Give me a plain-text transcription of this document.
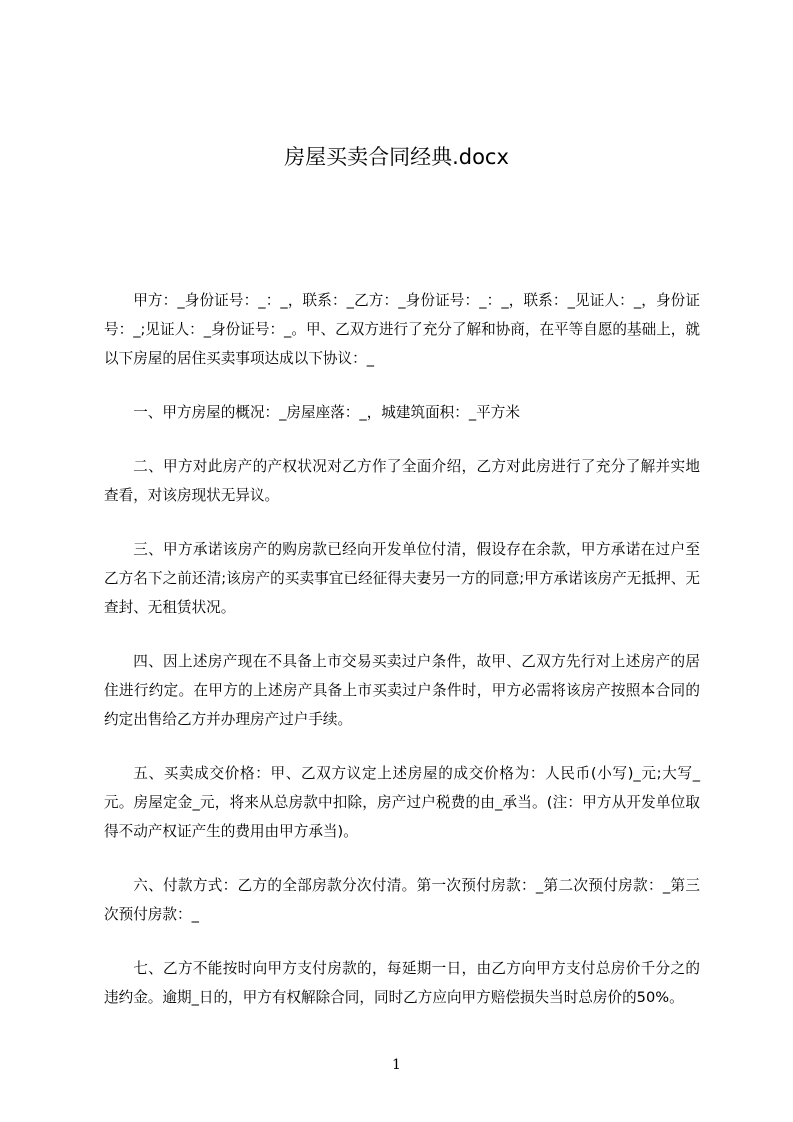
房屋买卖合同经典.docx

甲方：_身份证号：_：_，联系：_乙方：_身份证号：_：_，联系：_见证人：_，身份证号：_;见证人：_身份证号：_。甲、乙双方进行了充分了解和协商，在平等自愿的基础上，就以下房屋的居住买卖事项达成以下协议：_

一、甲方房屋的概况：_房屋座落：_，城建筑面积：_平方米

二、甲方对此房产的产权状况对乙方作了全面介绍，乙方对此房进行了充分了解并实地查看，对该房现状无异议。

三、甲方承诺该房产的购房款已经向开发单位付清，假设存在余款，甲方承诺在过户至乙方名下之前还清;该房产的买卖事宜已经征得夫妻另一方的同意;甲方承诺该房产无抵押、无查封、无租赁状况。

四、因上述房产现在不具备上市交易买卖过户条件，故甲、乙双方先行对上述房产的居住进行约定。在甲方的上述房产具备上市买卖过户条件时，甲方必需将该房产按照本合同的约定出售给乙方并办理房产过户手续。

五、买卖成交价格：甲、乙双方议定上述房屋的成交价格为：人民币(小写)_元;大写_元。房屋定金_元，将来从总房款中扣除，房产过户税费的由_承当。(注：甲方从开发单位取得不动产权证产生的费用由甲方承当)。

六、付款方式：乙方的全部房款分次付清。第一次预付房款：_第二次预付房款：_第三次预付房款：_

七、乙方不能按时向甲方支付房款的，每延期一日，由乙方向甲方支付总房价千分之的违约金。逾期_日的，甲方有权解除合同，同时乙方应向甲方赔偿损失当时总房价的50%。

1
